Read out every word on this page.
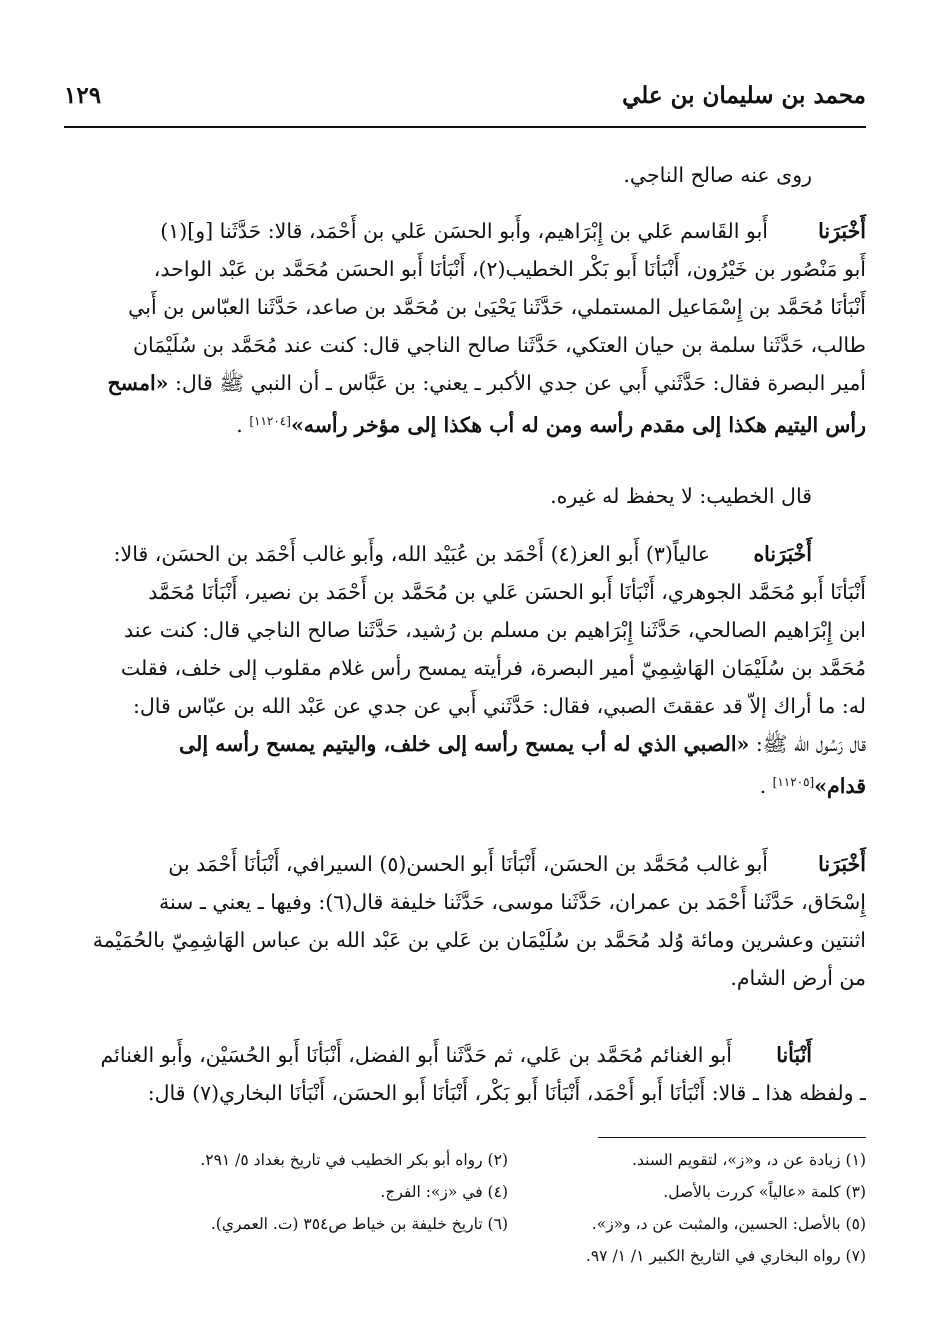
محمد بن سليمان بن علي
١٢٩
روى عنه صالح الناجي.
أَخْبَرَنا
أَبو القَاسم عَلي بن إِبْرَاهيم، وأَبو الحسَن عَلي بن أَحْمَد، قالا: حَدَّثَنا [و](١)
أَبو مَنْصُور بن خَيْرُون، أَنْبَأنَا أَبو بَكْر الخطيب(٢)، أَنْبَأنَا أَبو الحسَن مُحَمَّد بن عَبْد الواحد،
أَنْبَأنَا مُحَمَّد بن إِسْمَاعيل المستملي، حَدَّثَنا يَحْيَىٰ بن مُحَمَّد بن صاعد، حَدَّثَنا العبّاس بن أَبي
طالب، حَدَّثَنا سلمة بن حيان العتكي، حَدَّثَنا صالح الناجي قال: كنت عند مُحَمَّد بن سُلَيْمَان
أمير البصرة فقال: حَدَّثَني أَبي عن جدي الأكبر ـ يعني: بن عَبَّاس ـ أن النبي ﷺ قال: «امسح
رأس اليتيم هكذا إلى مقدم رأسه ومن له أب هكذا إلى مؤخر رأسه»[١١٢٠٤] .
قال الخطيب: لا يحفظ له غيره.
أَخْبَرَناه
عالياً(٣) أَبو العز(٤) أَحْمَد بن عُبَيْد الله، وأَبو غالب أَحْمَد بن الحسَن، قالا:
أَنْبَأنَا أَبو مُحَمَّد الجوهري، أَنْبَأنَا أَبو الحسَن عَلي بن مُحَمَّد بن أَحْمَد بن نصير، أَنْبَأنَا مُحَمَّد
ابن إِبْرَاهيم الصالحي، حَدَّثَنا إِبْرَاهيم بن مسلم بن رُشيد، حَدَّثَنا صالح الناجي قال: كنت عند
مُحَمَّد بن سُلَيْمَان الهَاشِمِيّ أمير البصرة، فرأيته يمسح رأس غلام مقلوب إلى خلف، فقلت
له: ما أراك إلاّ قد عققتَ الصبي، فقال: حَدَّثَني أَبي عن جدي عن عَبْد الله بن عبّاس قال:
قال رَسُول الله ﷺ: «الصبي الذي له أب يمسح رأسه إلى خلف، واليتيم يمسح رأسه إلى
قدام»[١١٢٠٥] .
أَخْبَرَنا
أَبو غالب مُحَمَّد بن الحسَن، أَنْبَأنَا أَبو الحسن(٥) السيرافي، أَنْبَأنَا أَحْمَد بن
إِسْحَاق، حَدَّثَنا أَحْمَد بن عمران، حَدَّثَنا موسى، حَدَّثَنا خليفة قال(٦): وفيها ـ يعني ـ سنة
اثنتين وعشرين ومائة وُلد مُحَمَّد بن سُلَيْمَان بن عَلي بن عَبْد الله بن عباس الهَاشِمِيّ بالحُمَيْمة
من أرض الشام.
أَنْبَأنا
أَبو الغنائم مُحَمَّد بن عَلي، ثم حَدَّثَنا أَبو الفضل، أَنْبَأنَا أَبو الحُسَيْن، وأَبو الغنائم
ـ ولفظه هذا ـ قالا: أَنْبَأنَا أَبو أَحْمَد، أَنْبَأنَا أَبو بَكْر، أَنْبَأنَا أَبو الحسَن، أَنْبَأنَا البخاري(٧) قال:
(١) زيادة عن د، و«ز»، لتقويم السند.
(٢) رواه أبو بكر الخطيب في تاريخ بغداد ٥/ ٢٩١.
(٣) كلمة «عالياً» كررت بالأصل.
(٤) في «ز»: الفرج.
(٥) بالأصل: الحسين، والمثبت عن د، و«ز».
(٦) تاريخ خليفة بن خياط ص٣٥٤ (ت. العمري).
(٧) رواه البخاري في التاريخ الكبير ١/ ١/ ٩٧.
